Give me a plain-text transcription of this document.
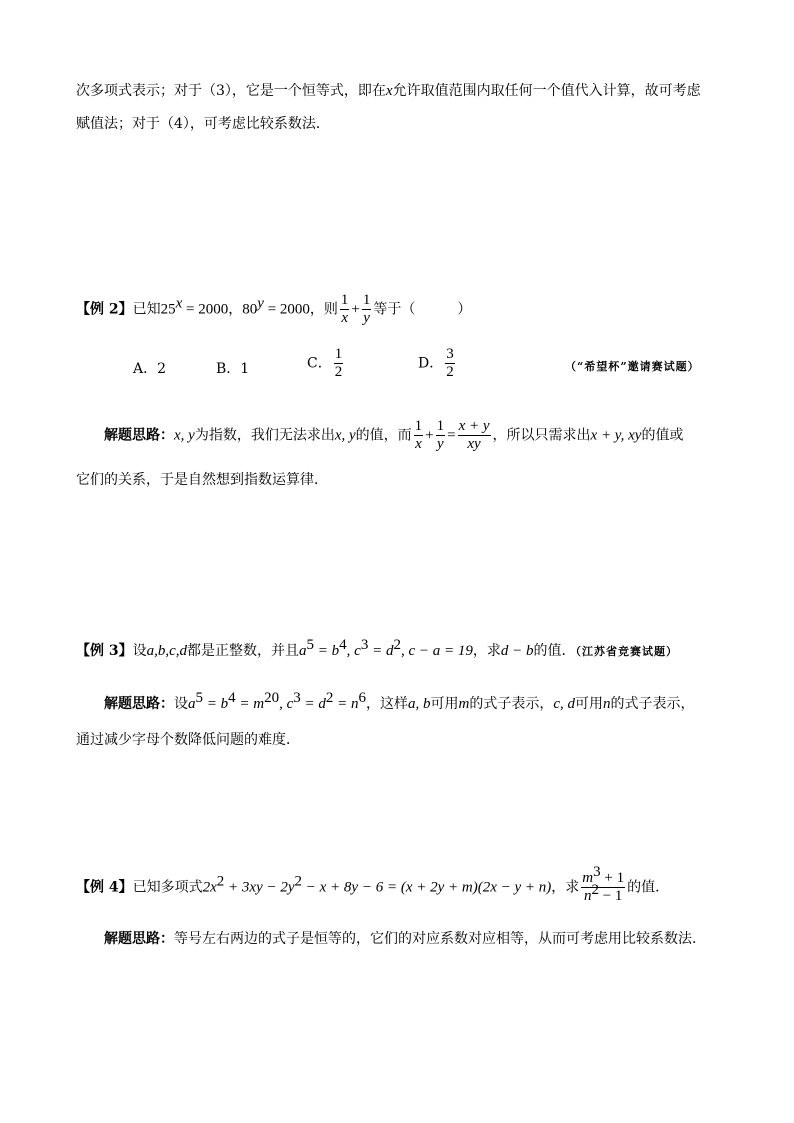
次多项式表示；对于（3），它是一个恒等式，即在x允许取值范围内取任何一个值代入计算，故可考虑
赋值法；对于（4），可考虑比较系数法．
【例 2】已知$25^x = 2000$，$80^y = 2000$，则 $\frac{1}{x} + \frac{1}{y}$ 等于（　　　）
A．2	B．1	C． $\frac{1}{2}$	D． $\frac{3}{2}$	（“希望杯”邀请赛试题）
解题思路：x, y为指数，我们无法求出x, y的值，而 $\frac{1}{x} + \frac{1}{y} = \frac{x + y}{xy}$ ，所以只需求出x + y, xy的值或
它们的关系，于是自然想到指数运算律．
【例 3】设a,b,c,d都是正整数，并且$a^5 = b^4$, $c^3 = d^2$, c − a = 19，求d − b的值．（江苏省竞赛试题）
解题思路：设$a^5 = b^4 = m^{20}$, $c^3 = d^2 = n^6$，这样a, b可用m的式子表示，c, d可用n的式子表示，
通过减少字母个数降低问题的难度．
【例 4】已知多项式$2x^2 + 3xy - 2y^2 - x + 8y - 6 = (x + 2y + m)(2x - y + n)$，求 $\frac{m^3 + 1}{n^2 - 1}$ 的值．
解题思路：等号左右两边的式子是恒等的，它们的对应系数对应相等，从而可考虑用比较系数法．
